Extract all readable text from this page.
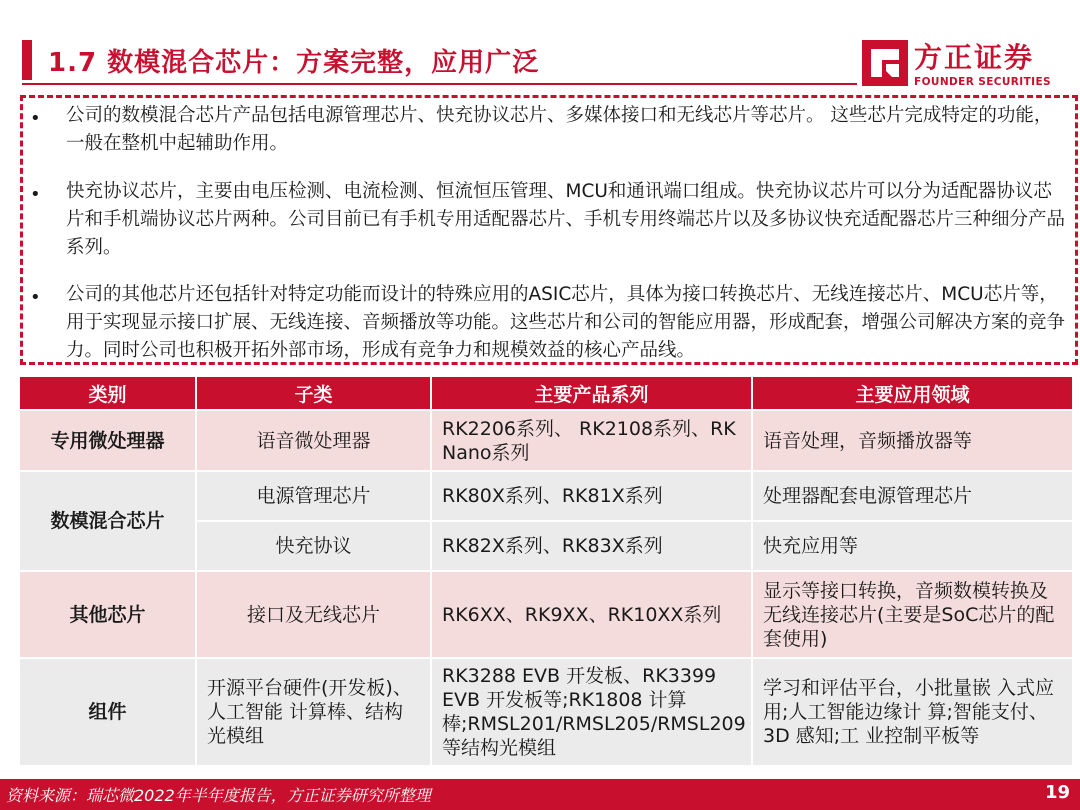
1.7 数模混合芯片：方案完整，应用广泛	方正证券
FOUNDER SECURITIES
• 公司的数模混合芯片产品包括电源管理芯片、快充协议芯片、多媒体接口和无线芯片等芯片。 这些芯片完成特定的功能，一般在整机中起辅助作用。

• 快充协议芯片，主要由电压检测、电流检测、恒流恒压管理、MCU和通讯端口组成。快充协议芯片可以分为适配器协议芯片和手机端协议芯片两种。公司目前已有手机专用适配器芯片、手机专用终端芯片以及多协议快充适配器芯片三种细分产品系列。

• 公司的其他芯片还包括针对特定功能而设计的特殊应用的ASIC芯片，具体为接口转换芯片、无线连接芯片、MCU芯片等，用于实现显示接口扩展、无线连接、音频播放等功能。这些芯片和公司的智能应用器，形成配套，增强公司解决方案的竞争力。同时公司也积极开拓外部市场，形成有竞争力和规模效益的核心产品线。

类别	子类	主要产品系列	主要应用领域
专用微处理器	语音微处理器	RK2206系列、 RK2108系列、RK Nano系列	语音处理，音频播放器等
数模混合芯片	电源管理芯片	RK80X系列、RK81X系列	处理器配套电源管理芯片
	快充协议	RK82X系列、RK83X系列	快充应用等
其他芯片	接口及无线芯片	RK6XX、RK9XX、RK10XX系列	显示等接口转换，音频数模转换及无线连接芯片(主要是SoC芯片的配套使用)
组件	开源平台硬件(开发板)、人工智能 计算棒、结构光模组	RK3288 EVB 开发板、RK3399 EVB 开发板等;RK1808 计算棒;RMSL201/RMSL205/RMSL209 等结构光模组	学习和评估平台，小批量嵌 入式应用;人工智能边缘计 算;智能支付、3D 感知;工 业控制平板等
资料来源：瑞芯微2022年半年度报告，方正证券研究所整理	19
